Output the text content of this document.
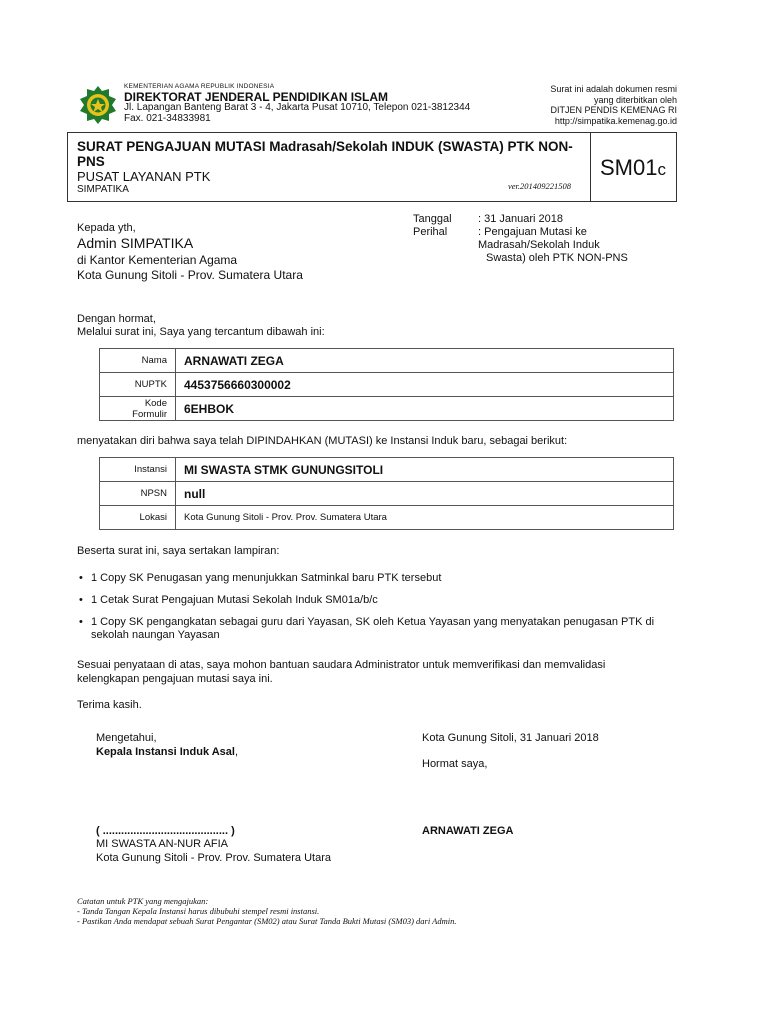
KEMENTERIAN AGAMA REPUBLIK INDONESIA
DIREKTORAT JENDERAL PENDIDIKAN ISLAM
Jl. Lapangan Banteng Barat 3 - 4, Jakarta Pusat 10710, Telepon 021-3812344
Fax. 021-34833981
Surat ini adalah dokumen resmi
yang diterbitkan oleh
DITJEN PENDIS KEMENAG RI
http://simpatika.kemenag.go.id
SURAT PENGAJUAN MUTASI Madrasah/Sekolah INDUK (SWASTA) PTK NON-PNS
PUSAT LAYANAN PTK
SIMPATIKA	ver.201409221508
SM01c
Kepada yth,
Admin SIMPATIKA
di Kantor Kementerian Agama
Kota Gunung Sitoli - Prov. Sumatera Utara
Tanggal : 31 Januari 2018
Perihal	: Pengajuan Mutasi ke
Madrasah/Sekolah Induk
Swasta) oleh PTK NON-PNS
Dengan hormat,
Melalui surat ini, Saya yang tercantum dibawah ini:
Nama	ARNAWATI ZEGA
NUPTK	4453756660300002
Kode Formulir	6EHBOK
menyatakan diri bahwa saya telah DIPINDAHKAN (MUTASI) ke Instansi Induk baru, sebagai berikut:
Instansi	MI SWASTA STMK GUNUNGSITOLI
NPSN	null
Lokasi	Kota Gunung Sitoli - Prov. Prov. Sumatera Utara
Beserta surat ini, saya sertakan lampiran:
• 1 Copy SK Penugasan yang menunjukkan Satminkal baru PTK tersebut
• 1 Cetak Surat Pengajuan Mutasi Sekolah Induk SM01a/b/c
• 1 Copy SK pengangkatan sebagai guru dari Yayasan, SK oleh Ketua Yayasan yang menyatakan penugasan PTK di sekolah naungan Yayasan
Sesuai penyataan di atas, saya mohon bantuan saudara Administrator untuk memverifikasi dan memvalidasi kelengkapan pengajuan mutasi saya ini.
Terima kasih.
Mengetahui,
Kepala Instansi Induk Asal,
Kota Gunung Sitoli, 31 Januari 2018
Hormat saya,
( ......................................... )
MI SWASTA AN-NUR AFIA
Kota Gunung Sitoli - Prov. Prov. Sumatera Utara
ARNAWATI ZEGA
Catatan untuk PTK yang mengajukan:
- Tanda Tangan Kepala Instansi harus dibubuhi stempel resmi instansi.
- Pastikan Anda mendapat sebuah Surat Pengantar (SM02) atau Surat Tanda Bukti Mutasi (SM03) dari Admin.
